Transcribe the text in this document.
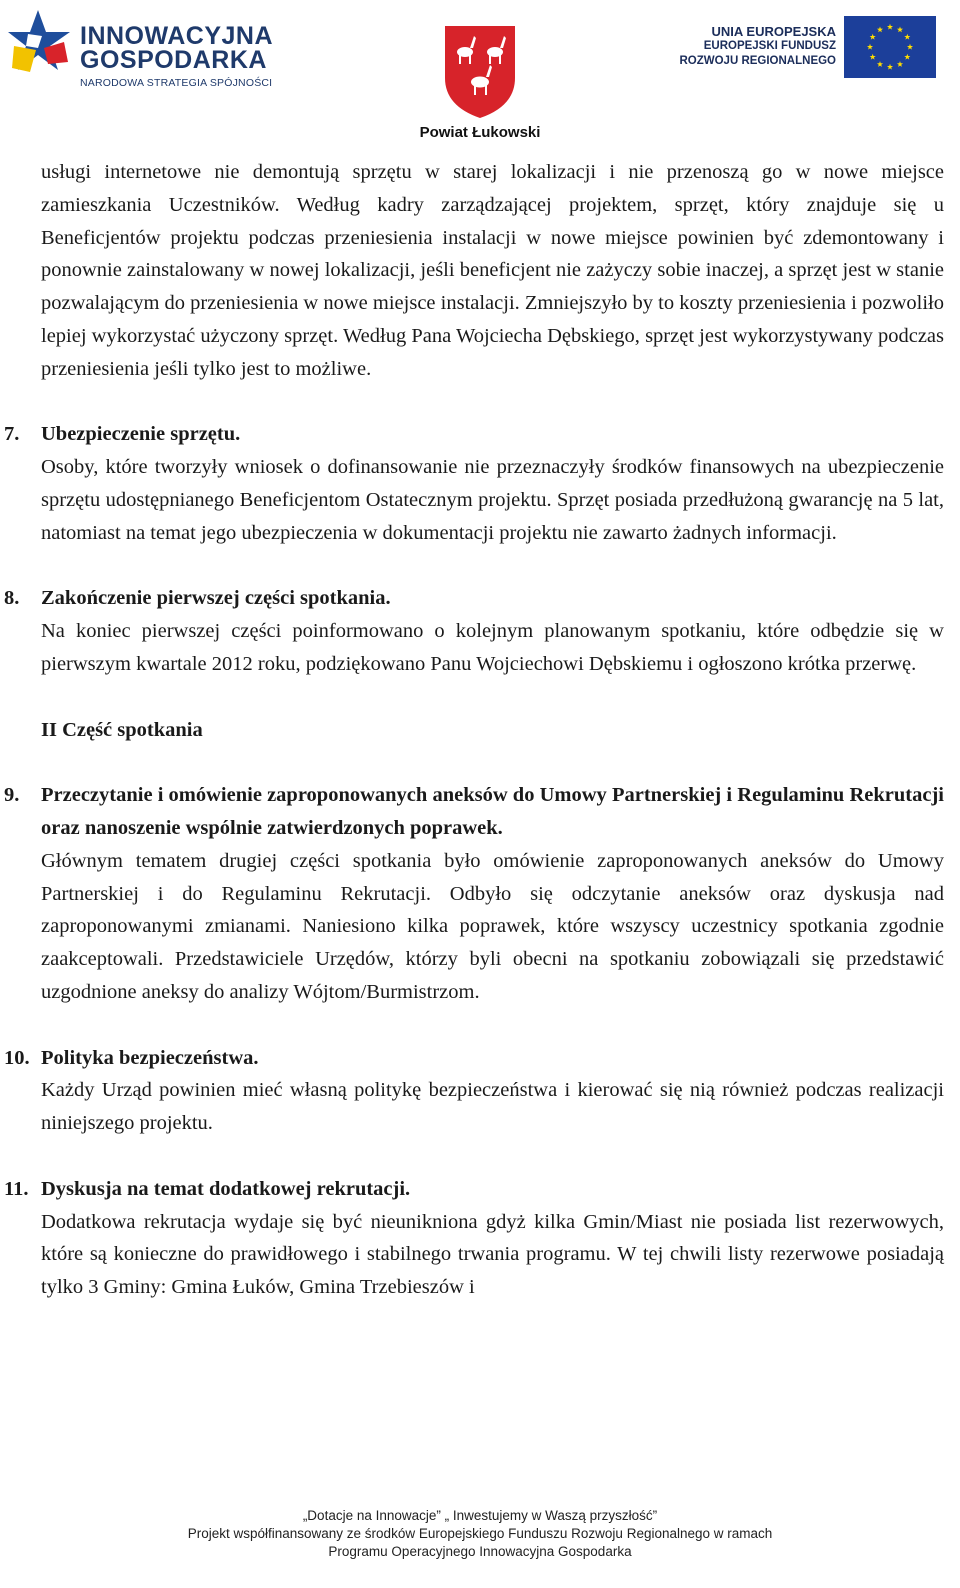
INNOWACYJNA
GOSPODARKA
NARODOWA STRATEGIA SPÓJNOŚCI
Powiat Łukowski
UNIA EUROPEJSKA
EUROPEJSKI FUNDUSZ
ROZWOJU REGIONALNEGO

usługi internetowe nie demontują sprzętu w starej lokalizacji i nie przenoszą go w nowe miejsce zamieszkania Uczestników. Według kadry zarządzającej projektem, sprzęt, który znajduje się u Beneficjentów projektu podczas przeniesienia instalacji w nowe miejsce powinien być zdemontowany i ponownie zainstalowany w nowej lokalizacji, jeśli beneficjent nie zażyczy sobie inaczej, a sprzęt jest w stanie pozwalającym do przeniesienia w nowe miejsce instalacji. Zmniejszyło by to koszty przeniesienia i pozwoliło lepiej wykorzystać użyczony sprzęt. Według Pana Wojciecha Dębskiego, sprzęt jest wykorzystywany podczas przeniesienia jeśli tylko jest to możliwe.

7. Ubezpieczenie sprzętu.

Osoby, które tworzyły wniosek o dofinansowanie nie przeznaczyły środków finansowych na ubezpieczenie sprzętu udostępnianego Beneficjentom Ostatecznym projektu. Sprzęt posiada przedłużoną gwarancję na 5 lat, natomiast na temat jego ubezpieczenia w dokumentacji projektu nie zawarto żadnych informacji.

8. Zakończenie pierwszej części spotkania.

Na koniec pierwszej części poinformowano o kolejnym planowanym spotkaniu, które odbędzie się w pierwszym kwartale 2012 roku, podziękowano Panu Wojciechowi Dębskiemu i ogłoszono krótka przerwę.

II Część spotkania

9. Przeczytanie i omówienie zaproponowanych aneksów do Umowy Partnerskiej i Regulaminu Rekrutacji oraz nanoszenie wspólnie zatwierdzonych poprawek.

Głównym tematem drugiej części spotkania było omówienie zaproponowanych aneksów do Umowy Partnerskiej i do Regulaminu Rekrutacji. Odbyło się odczytanie aneksów oraz dyskusja nad zaproponowanymi zmianami. Naniesiono kilka poprawek, które wszyscy uczestnicy spotkania zgodnie zaakceptowali. Przedstawiciele Urzędów, którzy byli obecni na spotkaniu zobowiązali się przedstawić uzgodnione aneksy do analizy Wójtom/Burmistrzom.

10. Polityka bezpieczeństwa.

Każdy Urząd powinien mieć własną politykę bezpieczeństwa i kierować się nią również podczas realizacji niniejszego projektu.

11. Dyskusja na temat dodatkowej rekrutacji.

Dodatkowa rekrutacja wydaje się być nieunikniona gdyż kilka Gmin/Miast nie posiada list rezerwowych, które są konieczne do prawidłowego i stabilnego trwania programu. W tej chwili listy rezerwowe posiadają tylko 3 Gminy: Gmina Łuków, Gmina Trzebieszów i

„Dotacje na Innowacje” „ Inwestujemy w Waszą przyszłość”
Projekt współfinansowany ze środków Europejskiego Funduszu Rozwoju Regionalnego w ramach
Programu Operacyjnego Innowacyjna Gospodarka
